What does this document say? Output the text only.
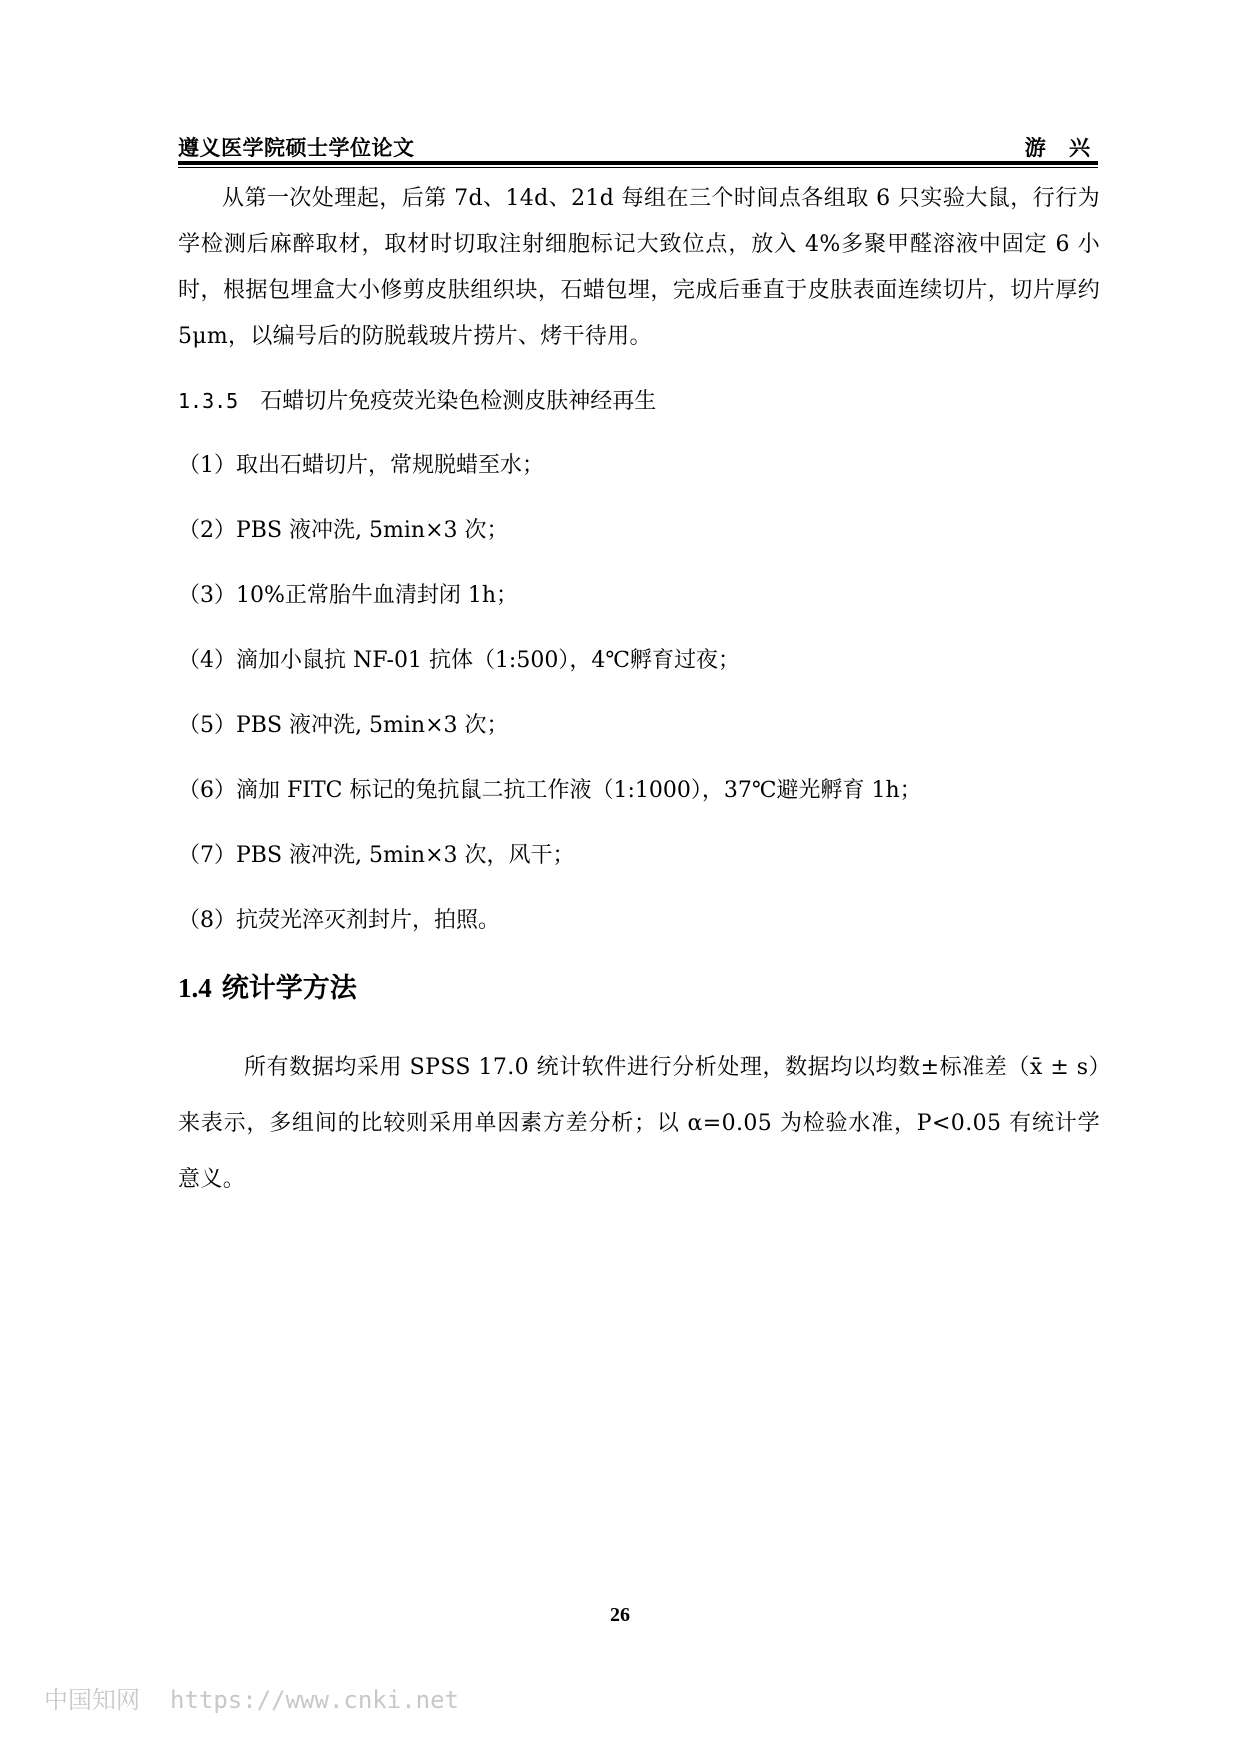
遵义医学院硕士学位论文	游 兴

从第一次处理起，后第 7d、14d、21d 每组在三个时间点各组取 6 只实验大鼠，行行为学检测后麻醉取材，取材时切取注射细胞标记大致位点，放入 4%多聚甲醛溶液中固定 6 小时，根据包埋盒大小修剪皮肤组织块，石蜡包埋，完成后垂直于皮肤表面连续切片，切片厚约 5μm，以编号后的防脱载玻片捞片、烤干待用。

1.3.5 石蜡切片免疫荧光染色检测皮肤神经再生
（1）取出石蜡切片，常规脱蜡至水；
（2）PBS 液冲洗, 5min×3 次；
（3）10%正常胎牛血清封闭 1h；
（4）滴加小鼠抗 NF-01 抗体（1:500），4℃孵育过夜；
（5）PBS 液冲洗, 5min×3 次；
（6）滴加 FITC 标记的兔抗鼠二抗工作液（1:1000），37℃避光孵育 1h；
（7）PBS 液冲洗, 5min×3 次，风干；
（8）抗荧光淬灭剂封片，拍照。
1.4 统计学方法

所有数据均采用 SPSS 17.0 统计软件进行分析处理，数据均以均数±标准差（x̄ ± s）来表示，多组间的比较则采用单因素方差分析；以 α=0.05 为检验水准，P<0.05 有统计学意义。

26
中国知网 https://www.cnki.net
